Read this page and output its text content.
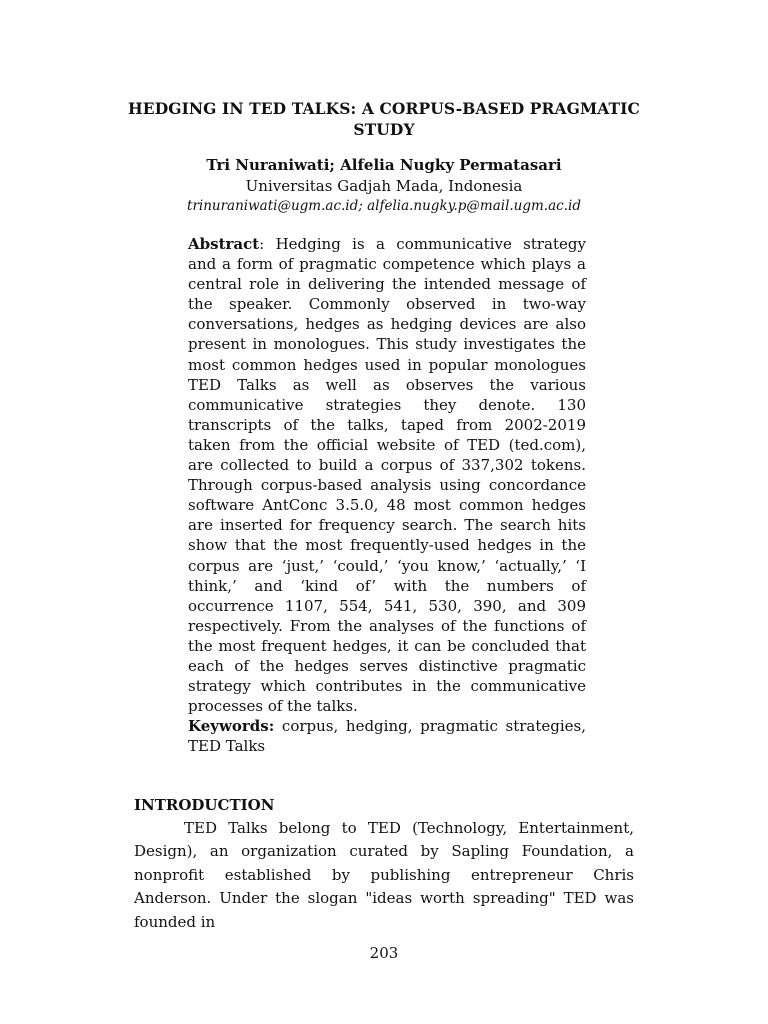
HEDGING IN TED TALKS: A CORPUS-BASED PRAGMATIC STUDY
Tri Nuraniwati; Alfelia Nugky Permatasari
Universitas Gadjah Mada, Indonesia
trinuraniwati@ugm.ac.id; alfelia.nugky.p@mail.ugm.ac.id
Abstract: Hedging is a communicative strategy and a form of pragmatic competence which plays a central role in delivering the intended message of the speaker. Commonly observed in two-way conversations, hedges as hedging devices are also present in monologues. This study investigates the most common hedges used in popular monologues TED Talks as well as observes the various communicative strategies they denote. 130 transcripts of the talks, taped from 2002-2019 taken from the official website of TED (ted.com), are collected to build a corpus of 337,302 tokens. Through corpus-based analysis using concordance software AntConc 3.5.0, 48 most common hedges are inserted for frequency search. The search hits show that the most frequently-used hedges in the corpus are ‘just,’ ‘could,’ ‘you know,’ ‘actually,’ ‘I think,’ and ‘kind of’ with the numbers of occurrence 1107, 554, 541, 530, 390, and 309 respectively. From the analyses of the functions of the most frequent hedges, it can be concluded that each of the hedges serves distinctive pragmatic strategy which contributes in the communicative processes of the talks.
Keywords: corpus, hedging, pragmatic strategies, TED Talks
INTRODUCTION
TED Talks belong to TED (Technology, Entertainment, Design), an organization curated by Sapling Foundation, a nonprofit established by publishing entrepreneur Chris Anderson. Under the slogan "ideas worth spreading" TED was founded in
203
